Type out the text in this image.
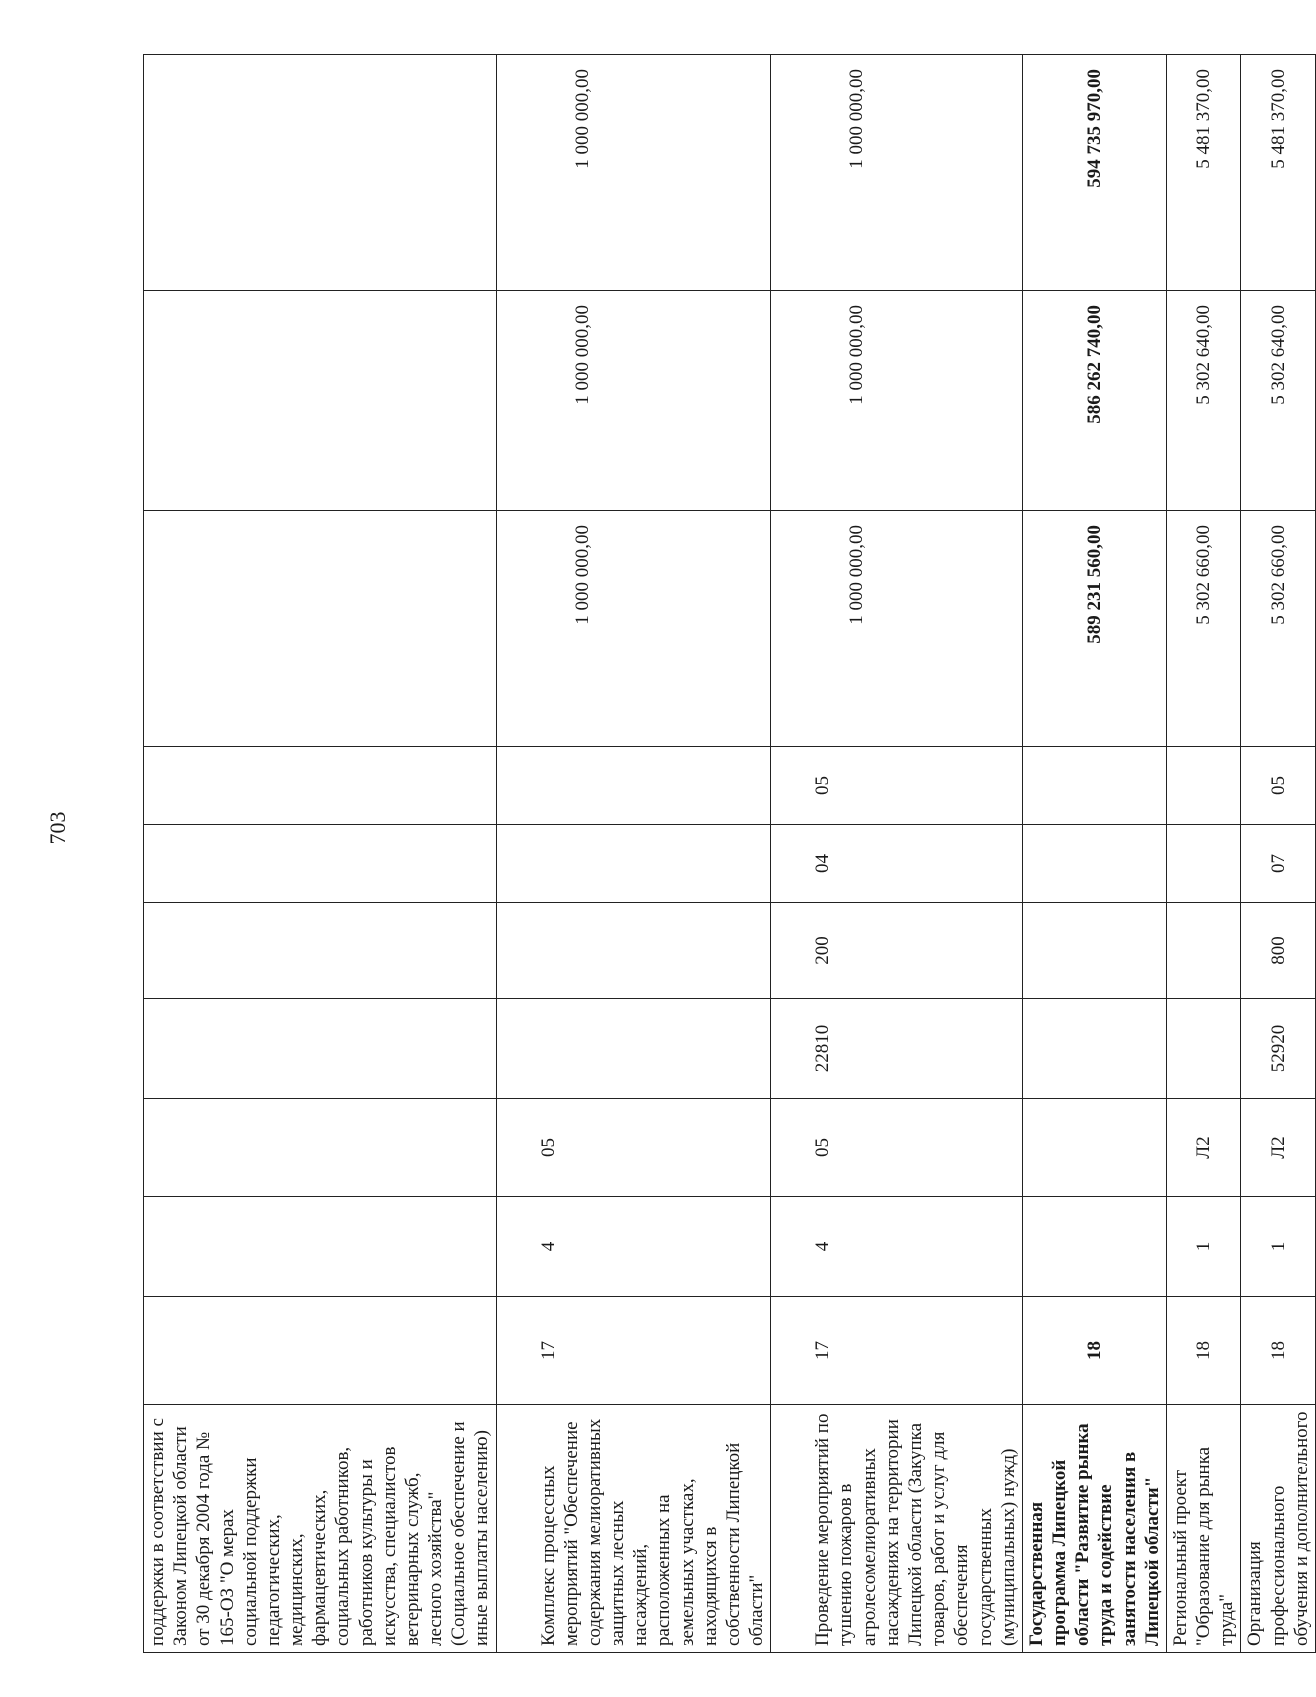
703
поддержки в соответствии с Законом Липецкой области от 30 декабря 2004 года № 165-ОЗ "О мерах социальной поддержки педагогических, медицинских, фармацевтических, социальных работников, работников культуры и искусства, специалистов ветеринарных служб, лесного хозяйства" (Социальное обеспечение и иные выплаты населению)										
Комплекс процессных мероприятий "Обеспечение содержания мелиоративных защитных лесных насаждений, расположенных на земельных участках, находящихся в собственности Липецкой области"	17	4	05					1 000 000,00	1 000 000,00	1 000 000,00
Проведение мероприятий по тушению пожаров в агролесомелиоративных насаждениях на территории Липецкой области (Закупка товаров, работ и услуг для обеспечения государственных (муниципальных) нужд)	17	4	05	22810	200	04	05	1 000 000,00	1 000 000,00	1 000 000,00
Государственная программа Липецкой области "Развитие рынка труда и содействие занятости населения в Липецкой области"	18							589 231 560,00	586 262 740,00	594 735 970,00
Региональный проект "Образование для рынка труда"	18	1	Л2					5 302 660,00	5 302 640,00	5 481 370,00
Организация профессионального обучения и дополнительного	18	1	Л2	52920	800	07	05	5 302 660,00	5 302 640,00	5 481 370,00
